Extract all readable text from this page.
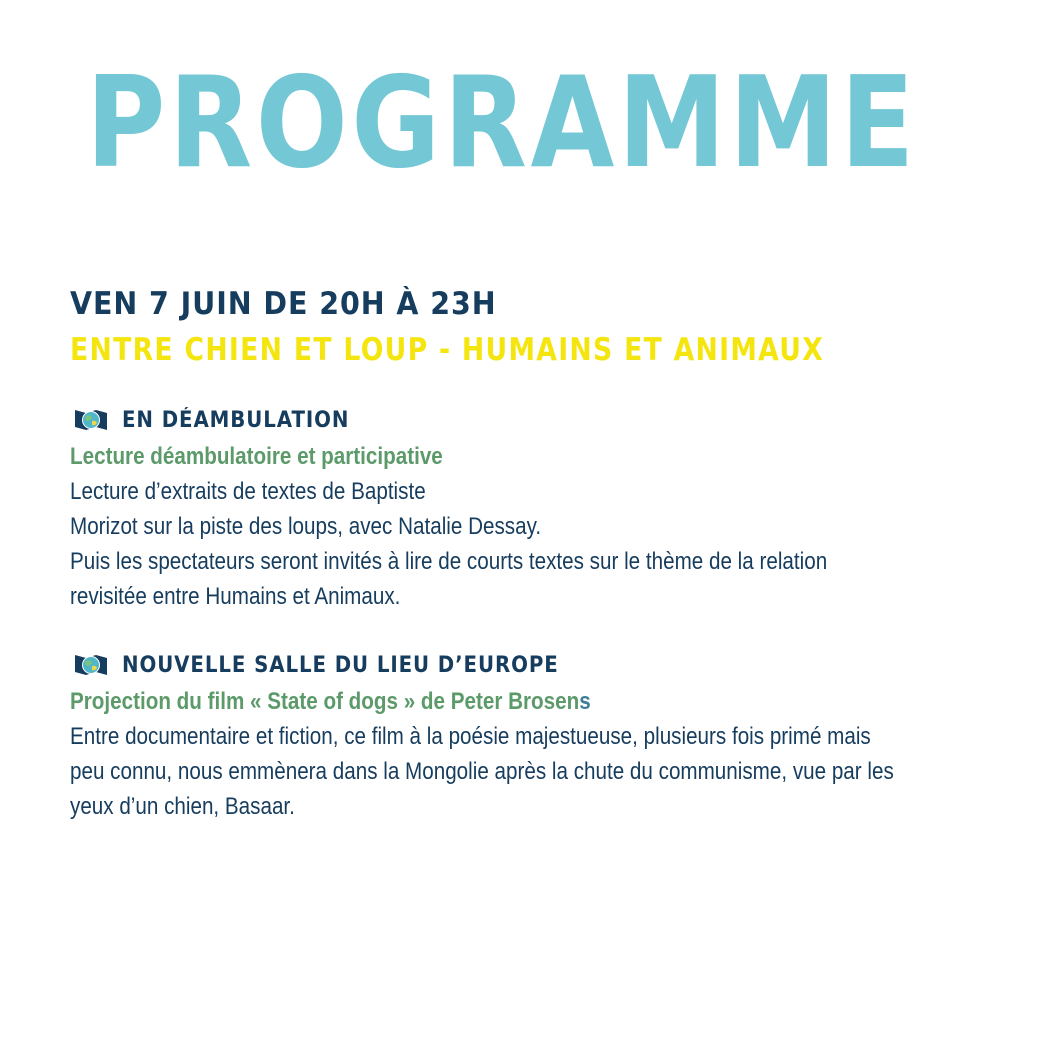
PROGRAMME
VEN 7 JUIN DE 20H À 23H
ENTRE CHIEN ET LOUP - HUMAINS ET ANIMAUX
EN DÉAMBULATION
Lecture déambulatoire et participative
Lecture d’extraits de textes de Baptiste
Morizot sur la piste des loups, avec Natalie Dessay.
Puis les spectateurs seront invités à lire de courts textes sur le thème de la relation
revisitée entre Humains et Animaux.
NOUVELLE SALLE DU LIEU D’EUROPE
Projection du film « State of dogs » de Peter Brosens
Entre documentaire et fiction, ce film à la poésie majestueuse, plusieurs fois primé mais
peu connu, nous emmènera dans la Mongolie après la chute du communisme, vue par les
yeux d’un chien, Basaar.
